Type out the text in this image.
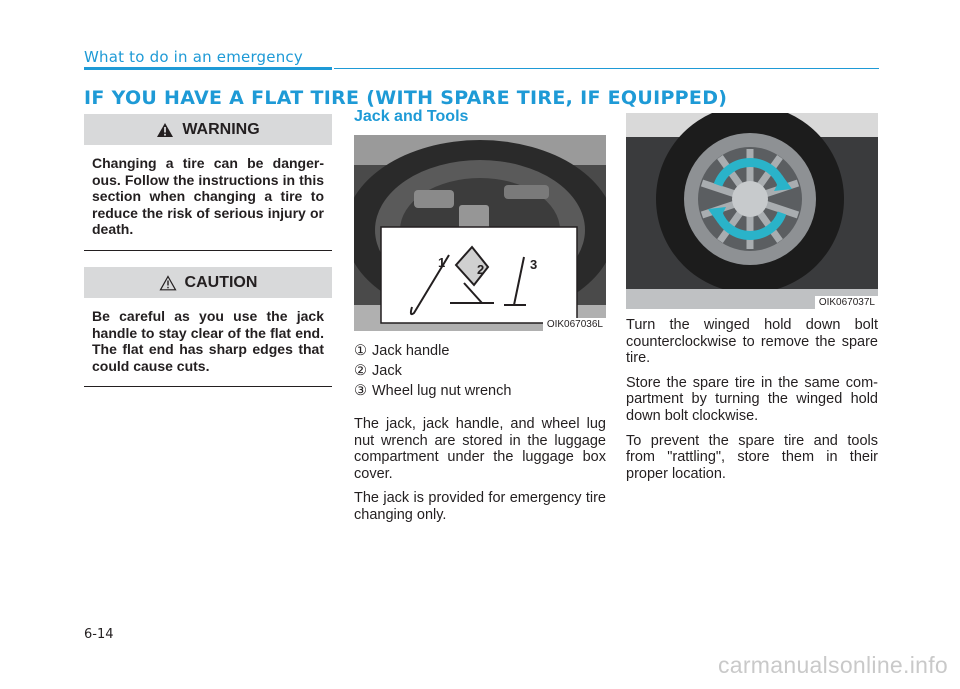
What to do in an emergency
IF YOU HAVE A FLAT TIRE (WITH SPARE TIRE, IF EQUIPPED)
WARNING
Changing a tire can be danger-ous. Follow the instructions in this section when changing a tire to reduce the risk of serious injury or death.
CAUTION
Be careful as you use the jack handle to stay clear of the flat end. The flat end has sharp edges that could cause cuts.
Jack and Tools
1 2	3
OIK067036L
① Jack handle
② Jack
③ Wheel lug nut wrench

The jack, jack handle, and wheel lug nut wrench are stored in the luggage compartment under the luggage box cover.

The jack is provided for emergency tire changing only.

OIK067037L

Turn the winged hold down bolt counterclockwise to remove the spare tire.

Store the spare tire in the same com-partment by turning the winged hold down bolt clockwise.

To prevent the spare tire and tools from "rattling", store them in their proper location.

6-14
carmanualsonline.info
